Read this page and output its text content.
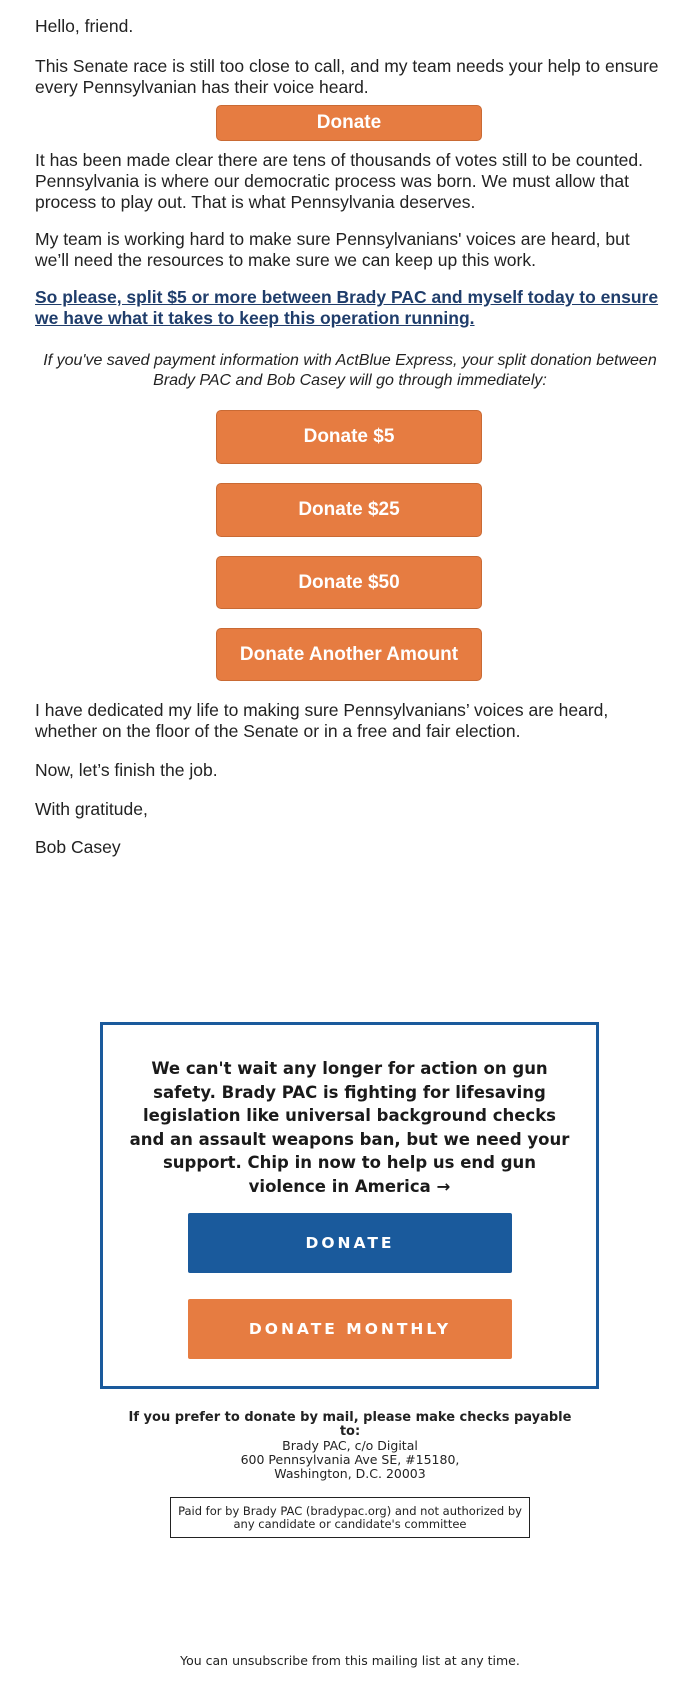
Hello, friend.

This Senate race is still too close to call, and my team needs your help to ensure every Pennsylvanian has their voice heard.

Donate

It has been made clear there are tens of thousands of votes still to be counted. Pennsylvania is where our democratic process was born. We must allow that process to play out. That is what Pennsylvania deserves.

My team is working hard to make sure Pennsylvanians' voices are heard, but we’ll need the resources to make sure we can keep up this work.

So please, split $5 or more between Brady PAC and myself today to ensure we have what it takes to keep this operation running.

If you've saved payment information with ActBlue Express, your split donation between Brady PAC and Bob Casey will go through immediately:
Donate $5
Donate $25
Donate $50
Donate Another Amount

I have dedicated my life to making sure Pennsylvanians’ voices are heard, whether on the floor of the Senate or in a free and fair election.

Now, let’s finish the job.

With gratitude,

Bob Casey

We can't wait any longer for action on gun safety. Brady PAC is fighting for lifesaving legislation like universal background checks and an assault weapons ban, but we need your support. Chip in now to help us end gun violence in America →
DONATE
DONATE MONTHLY
If you prefer to donate by mail, please make checks payable to:
Brady PAC, c/o Digital
600 Pennsylvania Ave SE, #15180,
Washington, D.C. 20003
Paid for by Brady PAC (bradypac.org) and not authorized by any candidate or candidate's committee
You can unsubscribe from this mailing list at any time.
